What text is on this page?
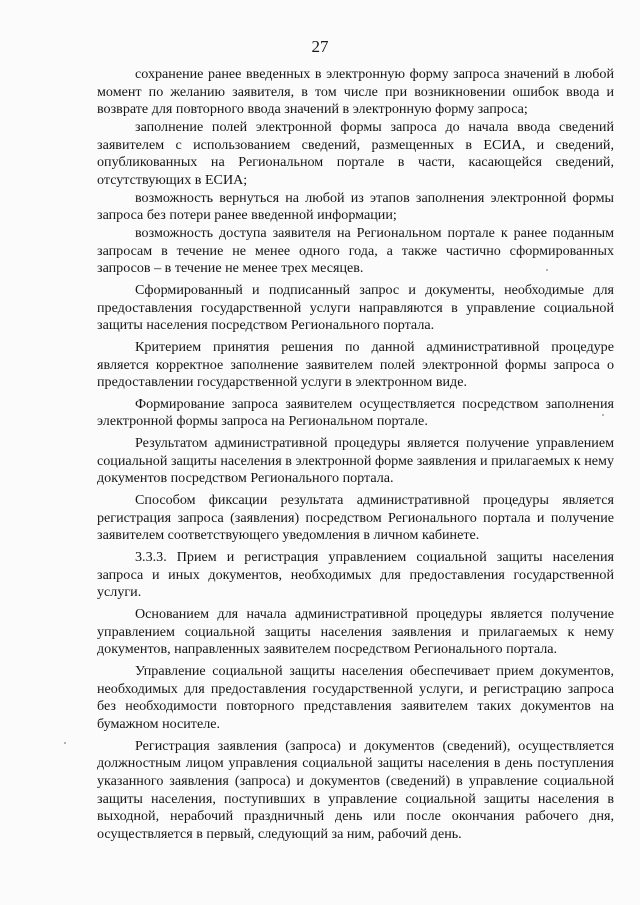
27

сохранение ранее введенных в электронную форму запроса значений в любой момент по желанию заявителя, в том числе при возникновении ошибок ввода и возврате для повторного ввода значений в электронную форму запроса;

заполнение полей электронной формы запроса до начала ввода сведений заявителем с использованием сведений, размещенных в ЕСИА, и сведений, опубликованных на Региональном портале в части, касающейся сведений, отсутствующих в ЕСИА;

возможность вернуться на любой из этапов заполнения электронной формы запроса без потери ранее введенной информации;

возможность доступа заявителя на Региональном портале к ранее поданным запросам в течение не менее одного года, а также частично сформированных запросов – в течение не менее трех месяцев.

Сформированный и подписанный запрос и документы, необходимые для предоставления государственной услуги направляются в управление социальной защиты населения посредством Регионального портала.

Критерием принятия решения по данной административной процедуре является корректное заполнение заявителем полей электронной формы запроса о предоставлении государственной услуги в электронном виде.

Формирование запроса заявителем осуществляется посредством заполнения электронной формы запроса на Региональном портале.

Результатом административной процедуры является получение управлением социальной защиты населения в электронной форме заявления и прилагаемых к нему документов посредством Регионального портала.

Способом фиксации результата административной процедуры является регистрация запроса (заявления) посредством Регионального портала и получение заявителем соответствующего уведомления в личном кабинете.

3.3.3. Прием и регистрация управлением социальной защиты населения запроса и иных документов, необходимых для предоставления государственной услуги.

Основанием для начала административной процедуры является получение управлением социальной защиты населения заявления и прилагаемых к нему документов, направленных заявителем посредством Регионального портала.

Управление социальной защиты населения обеспечивает прием документов, необходимых для предоставления государственной услуги, и регистрацию запроса без необходимости повторного представления заявителем таких документов на бумажном носителе.

Регистрация заявления (запроса) и документов (сведений), осуществляется должностным лицом управления социальной защиты населения в день поступления указанного заявления (запроса) и документов (сведений) в управление социальной защиты населения, поступивших в управление социальной защиты населения в выходной, нерабочий праздничный день или после окончания рабочего дня, осуществляется в первый, следующий за ним, рабочий день.
